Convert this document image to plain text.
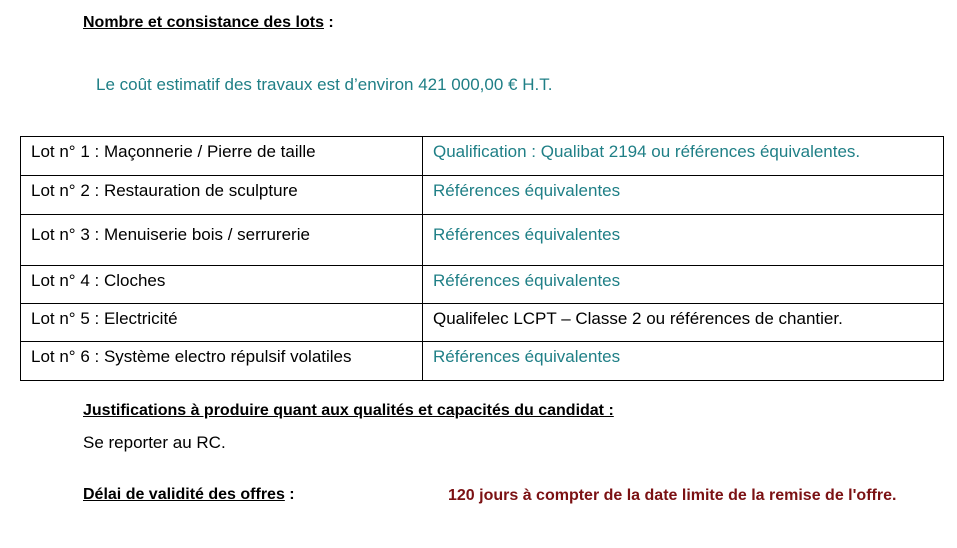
Nombre et consistance des lots :
Le coût estimatif des travaux est d’environ 421 000,00 € H.T.
Lot n° 1 : Maçonnerie / Pierre de taille	Qualification : Qualibat 2194 ou références équivalentes.

Lot n° 2 : Restauration de sculpture	Références équivalentes

Lot n° 3 : Menuiserie bois / serrurerie	Références équivalentes

Lot n° 4 : Cloches	Références équivalentes

Lot n° 5 : Electricité	Qualifelec LCPT – Classe 2 ou références de chantier.

Lot n° 6 : Système electro répulsif volatiles	Références équivalentes
Justifications à produire quant aux qualités et capacités du candidat :
Se reporter au RC.
Délai de validité des offres :	120 jours à compter de la date limite de la remise de l'offre.
